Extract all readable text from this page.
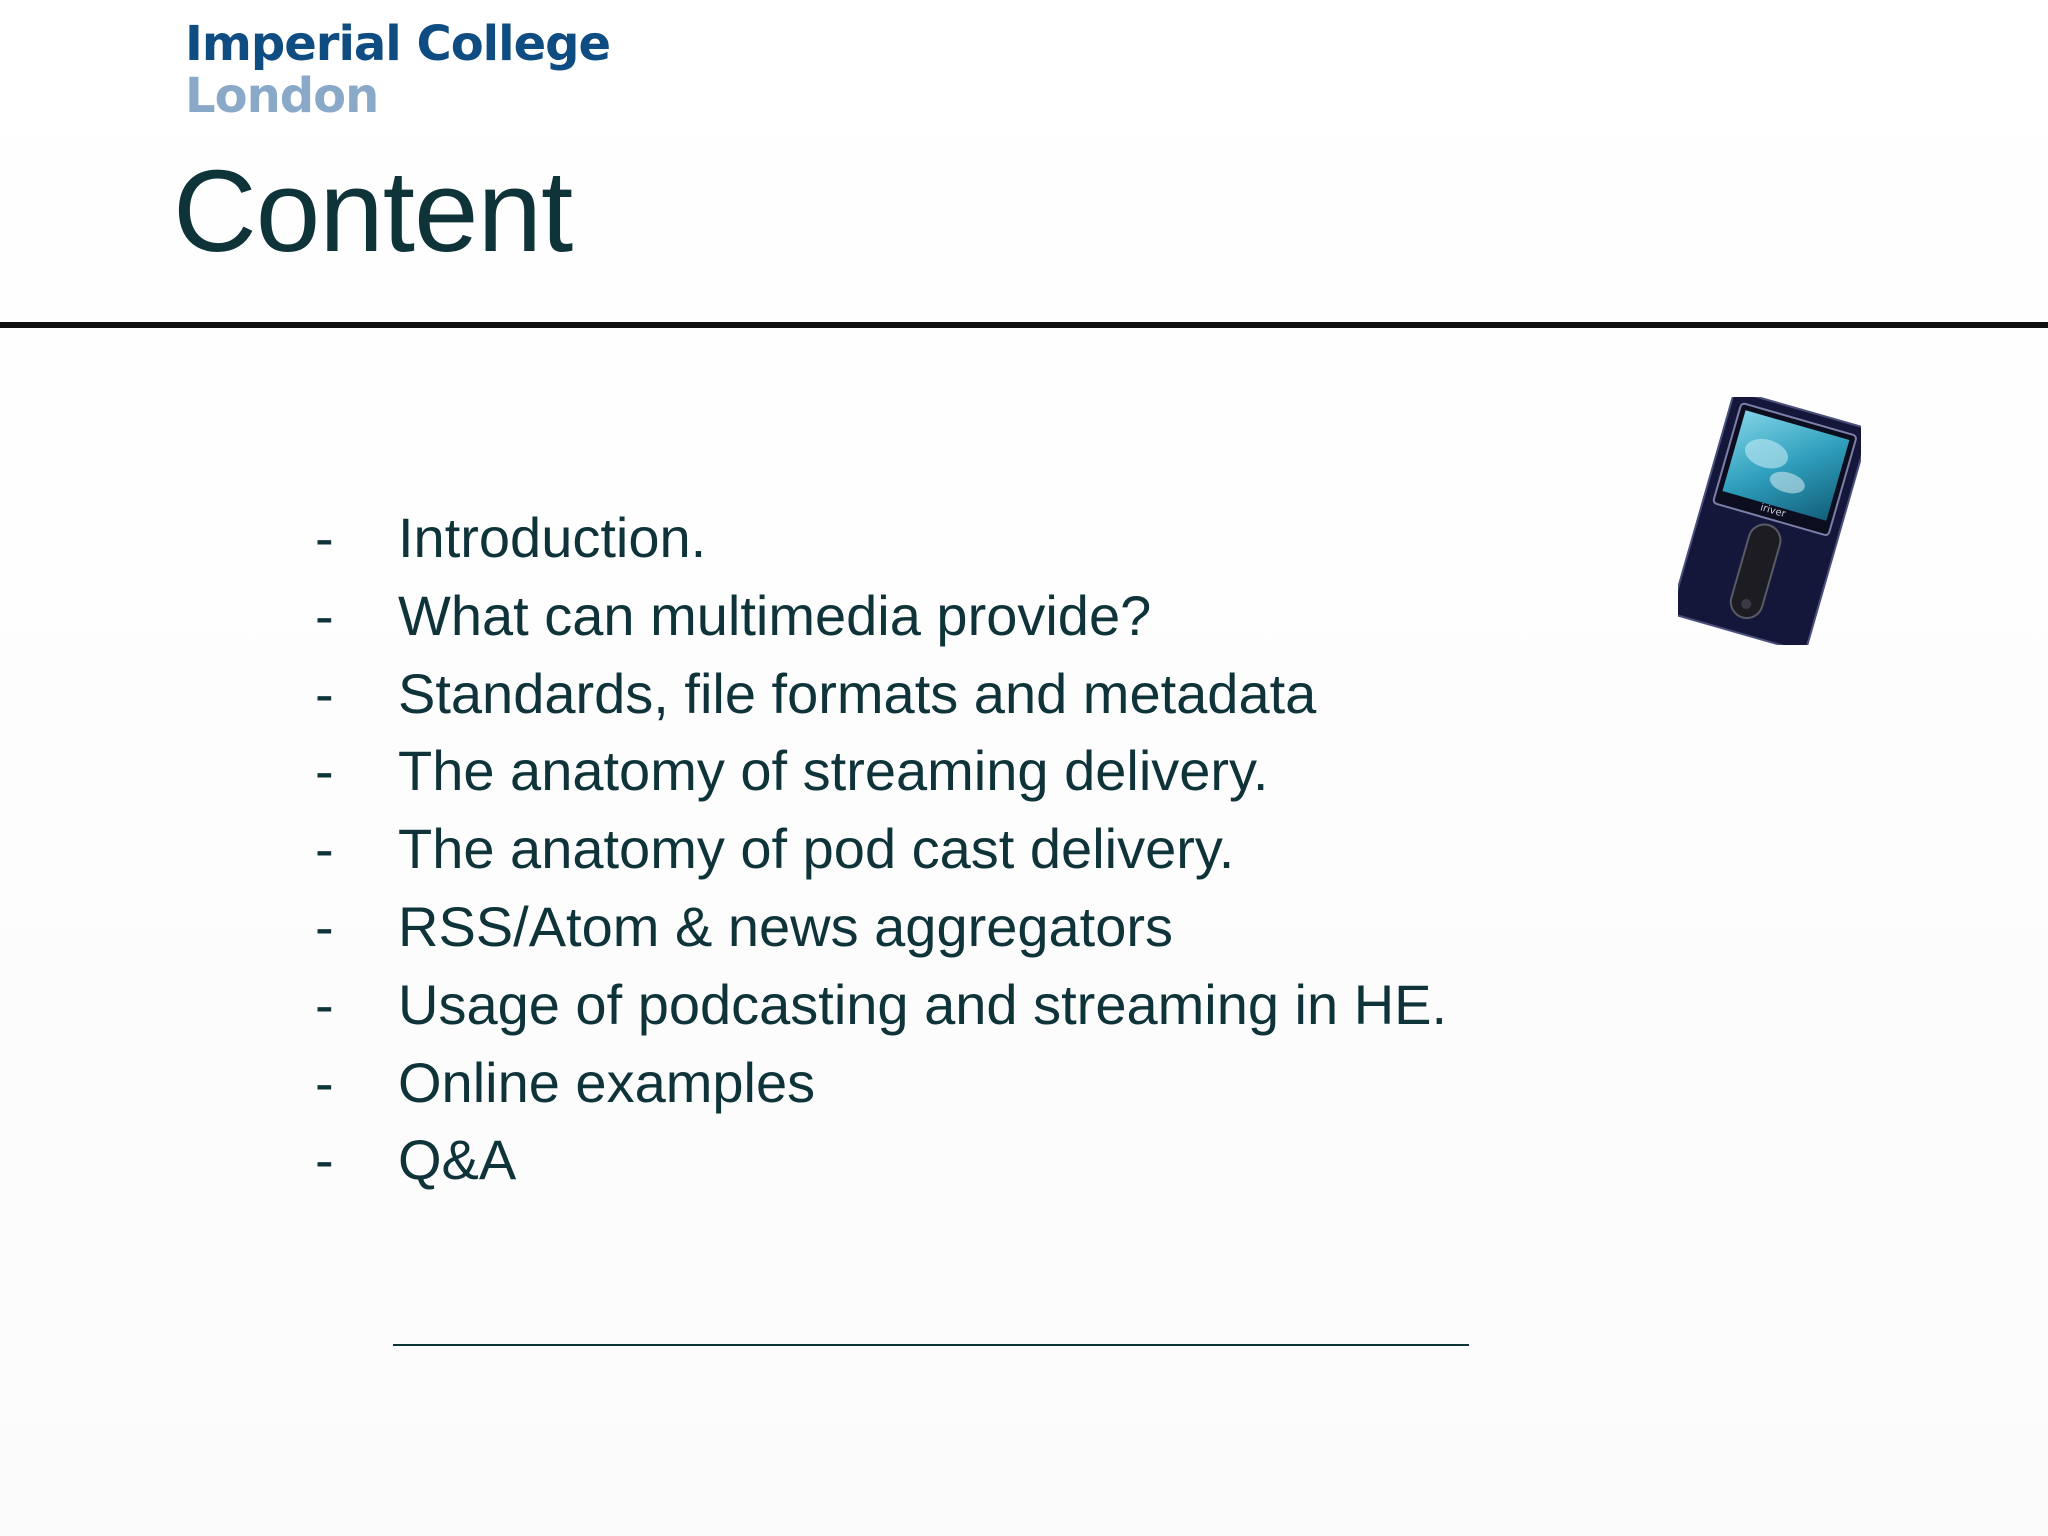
Imperial College
London
Content
-	Introduction.
-	What can multimedia provide?
-	Standards, file formats and metadata
-	The anatomy of streaming delivery.
-	The anatomy of pod cast delivery.
-	RSS/Atom & news aggregators
-	Usage of podcasting and streaming in HE.
-	Online examples
-	Q&A
iriver
